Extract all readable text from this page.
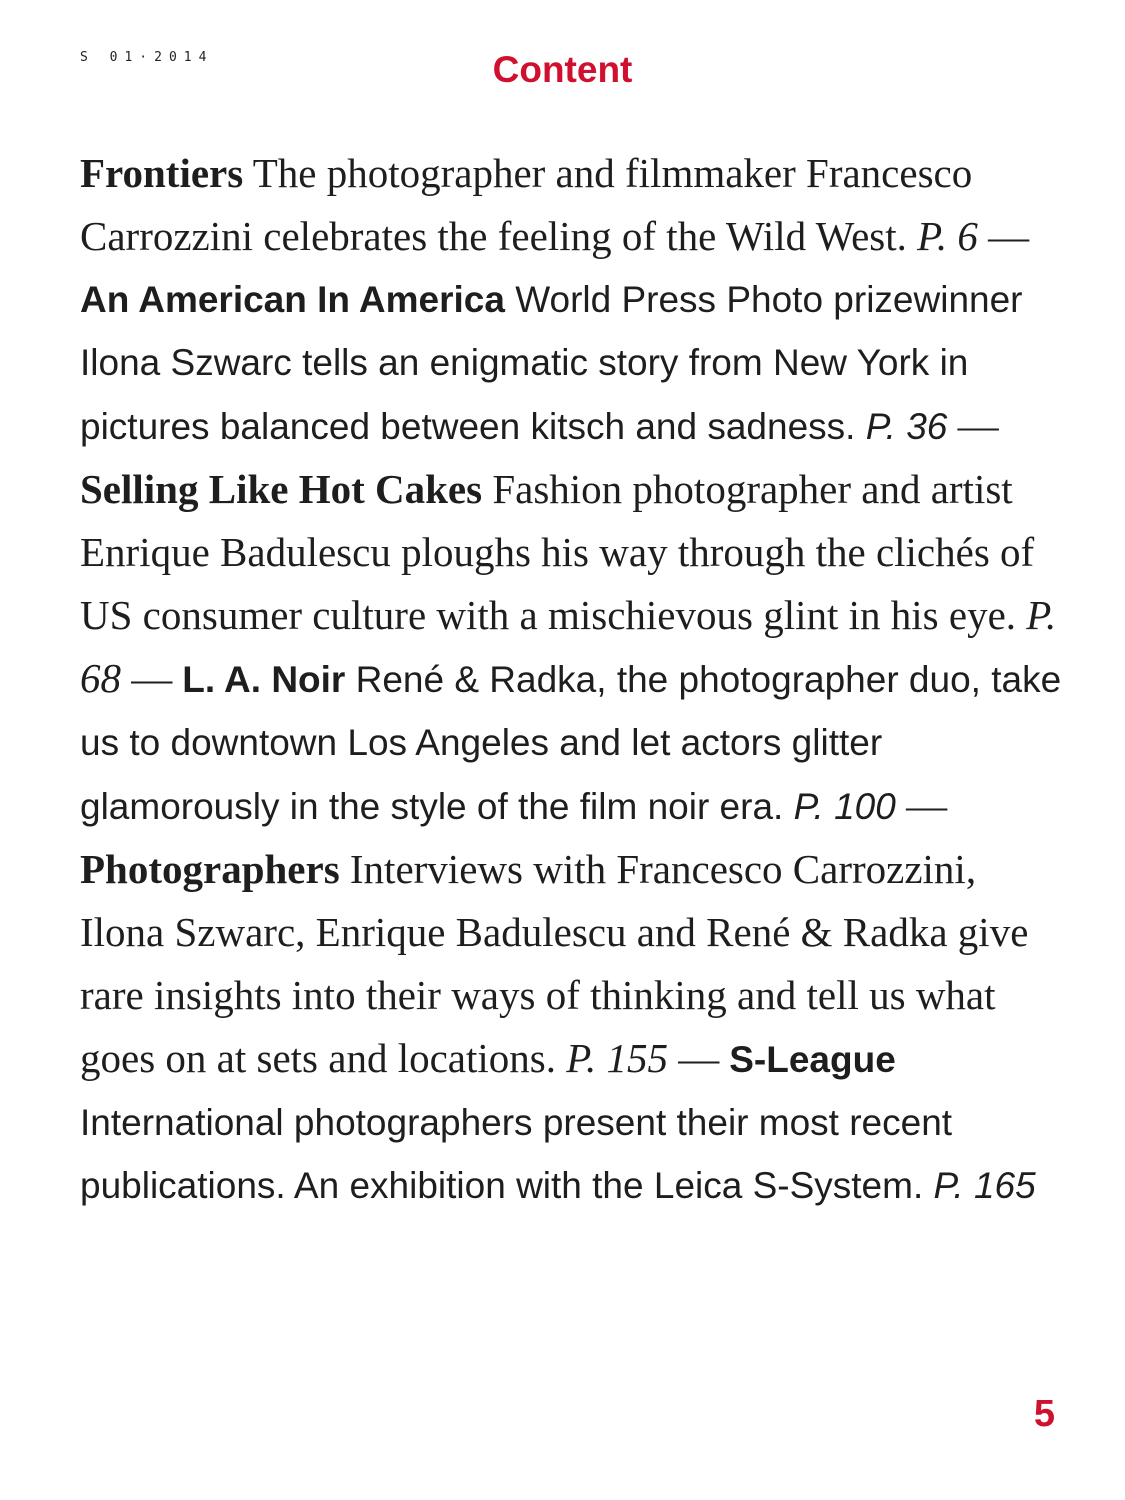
S 01·2014	Content

Frontiers The photographer and filmmaker Francesco Carrozzini celebrates the feeling of the Wild West. P. 6 — An American In America World Press Photo prizewinner Ilona Szwarc tells an enigmatic story from New York in pictures balanced between kitsch and sadness. P. 36 — Selling Like Hot Cakes Fashion photographer and artist Enrique Badulescu ploughs his way through the clichés of US consumer culture with a mischievous glint in his eye. P. 68 — L. A. Noir René & Radka, the photographer duo, take us to downtown Los Angeles and let actors glitter glamorously in the style of the film noir era. P. 100 — Photographers Interviews with Francesco Carrozzini, Ilona Szwarc, Enrique Badulescu and René & Radka give rare insights into their ways of thinking and tell us what goes on at sets and locations. P. 155 — S-League International photographers present their most recent publications. An exhibition with the Leica S-System. P. 165

5
